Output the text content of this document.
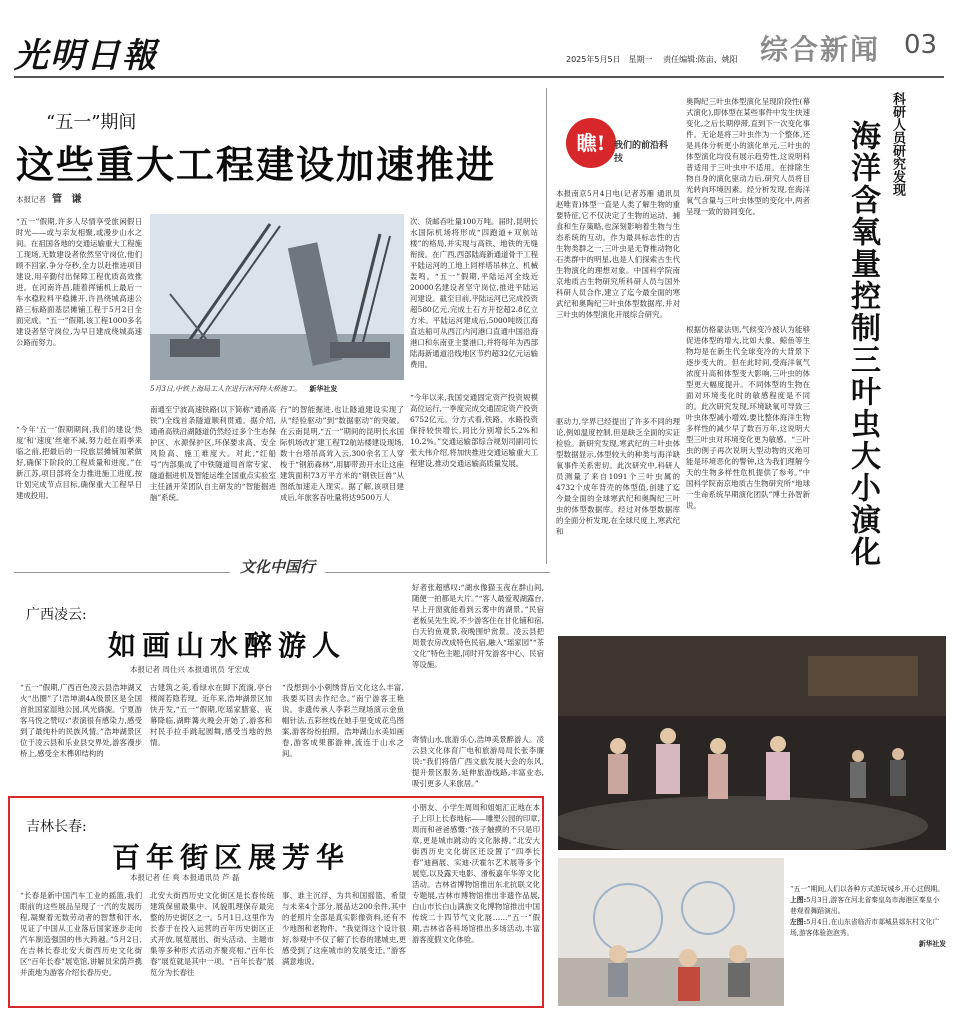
光明日報	2025年5月5日　星期一 责任编辑:陈亩、姚阳 综合新闻 03
“五一”期间
这些重大工程建设加速推进
本报记者 管 谦
“五一”假期,许多人尽情享受旅闲假日时光——或与亲友相聚,或漫步山水之间。在祖国各地的交通运输重大工程施工现场,无数建设者依然坚守岗位,他们顾不回家,争分夺秒,全力以赴推进项目建设,用辛勤付出保障工程优质高效推进。在河南许昌,随着挥铺机上最后一车水稳粒料平稳摊开,许昌绕城高速公路三标路面基层摊铺工程于5月2日全面完成。“五一”假期,该工程1000多名建设者坚守岗位,为早日建成绕城高速公路而努力。
“今年‘五一’假期期间,我们的建设‘热度’和‘速度’丝毫不减,努力赶在雨季来临之前,把最后的一段旅层摊铺加紧做好,确保下阶段的工程质量和进度。”在新江苏,项目部将全力推进施工进度,按计划完成节点目标,确保重大工程早日建成投用。
5月3日,中铁上海局工人在进行沐河特大桥施工。 新华社发
南通至宁波高速铁路(以下简称“通甬高铁”)全线首条隧道顺利贯通。据介绍,通甬高铁沿湖隧道仍然经过多个生态保护区、水源保护区,环保要求高、安全风险高、施工难度大。对此,“红船号”内部集成了中铁隧道局首席专家、隧道掘进机及智能运维全国重点实验室主任涵开荣团队自主研发的“智能掘进脑”系统。
行”的智能掘进,也让隧道建设实现了从“经验驱动”到“数据驱动”的突破。在云南昆明,“五一”期间的昆明长水国际机场改扩建工程T2航站楼建设现场,数十台塔吊高耸入云,300余名工人穿梭于“钢筋森林”,用脚带劲开水让这座建筑面积73万平方米的“钢铁巨兽”从图纸加速走入现实。据了解,该项目建成后,年旅客吞吐量将达9500万人
次、货邮吞吐量100万吨。届时,昆明长水国际机场将形成“四跑道+双航站楼”的格局,并实现与高铁、地铁的无缝衔接。在广西,西部陆海新通道骨干工程平陆运河的工地上同样塔吊林立、机械轰鸣。“五一”假期,平陆运河全线近20000名建设者坚守岗位,推进平陆运河建设。截至目前,平陆运河已完成投资超580亿元,完成土石方开挖超2.8亿立方米。平陆运河建成后,5000吨级江海直达船可从西江内河港口直通中国沿海港口和东南亚主要港口,并将每年为西部陆海新通道沿线地区节约超32亿元运输费用。
“今年以来,我国交通固定资产投资规模高位运行,一季度完成交通固定资产投资6752亿元。分方式看,铁路、水路投资保持较快增长,同比分别增长5.2%和10.2%。”交通运输部综合规划司副司长张大伟介绍,将加快推进交通运输重大工程建设,推动交通运输高质量发展。
瞧! 我们的前沿科技
本报南京5月4日电(记者苏雁 通讯员赵唯青)体型一直是人类了解生物的重要特征,它不仅决定了生物的运动、捕食和生存策略,也深刻影响着生物与生态系统的互动。作为最具标志性的古生物类群之一,三叶虫是无脊椎动物化石类群中的明星,也是人们探索古生代生物演化的理想对象。中国科学院南京地质古生物研究所科研人员与国外科研人员合作,建立了迄今最全面的寒武纪和奥陶纪三叶虫体型数据库,并对三叶虫的体型演化开展综合研究。
驱动力,学界已经提出了许多不同的理论,例如温度控制,但是缺乏全面的实证检验。新研究发现,寒武纪的三叶虫体型数据显示,体型较大的种类与海洋缺氧事件关系密切。此次研究中,科研人员测量了来自1091个三叶虫属的4732个成年背壳的体型值,创建了迄今最全面的全球寒武纪和奥陶纪三叶虫的体型数据库。经过对体型数据库的全面分析发现,在全球尺度上,寒武纪和
奥陶纪三叶虫体型演化呈现阶段性(幕式演化),即体型在某些事件中发生快速变化,之后长期停滞,直到下一次变化事件。无论是将三叶虫作为一个整体,还是具体分析更小的演化单元,三叶虫的体型演化均没有展示趋势性,这说明科普适用于三叶虫中不适用。在排除生物自身的演化驱动力后,研究人员将目光转向环境因素。经分析发现,在海洋氧气含量与三叶虫体型的变化中,两者呈现一致的协同变化。
根据仿格蒙法则,气候变冷被认为能够促进体型的增大,比如大象、鲸鱼等生物均是在新生代全球变冷的大背景下逐步变大的。但在此时间,受海洋氧气浓度升高和体型变大影响,三叶虫的体型更大幅度提升。不同体型的生物在面对环境变化时的敏感程度是不同的。此次研究发现,环境缺氧可导致三叶虫体型减小增效,要比整体海洋生物多样性的减少早了数百万年,这说明大型三叶虫对环境变化更为敏感。“三叶虫的例子再次说明大型动物的灭绝可能是环境恶化的警钟,这为我们理解今天的生物多样性危机提供了参考。”中国科学院南京地质古生物研究所“地球一生命系统早期演化团队”博士孙智新说。
科研人员研究发现
海洋含氧量控制三叶虫大小演化
文化中国行
广西凌云:
如画山水醉游人
本报记者 周仕兴 本报通讯员 牙宏成
“五一”假期,广西百色凌云县浩坤湖又火“出圈”了!浩坤湖4A级景区是全国首批国家湿地公园,风光旖旎。宁夏游客马悦之赞叹:“表演很有感染力,感受到了最纯朴的民族风情。”浩坤湖景区位于凌云县和乐业县交界处,游客漫步桥上,感受全木榫卯结构的
古建筑之美,看绿水在脚下流淌,亭台楼阁若隐若现。近年来,浩坤湖景区加快开发,“五一”假期,吃瑶家腊宴、夜幕降临,湖畔篝火晚会开始了,游客和村民手拉手跳起圆舞,感受当地的热情。
“没想到小小剌绣背后文化这么丰富,我要买回去作纪念。”南宁游客王艳说。非遗传承人李彩兰现场演示金鱼帽针法,五彩丝线在她手里变成花鸟图案,游客纷纷拍照。浩坤湖山水美如画卷,游客成果都游神,流连于山水之间。
好者张超感叹:“湖水像猫玉夜在群山间,随便一拍都是大片。”“客人最爱观湖露台,早上开窗就能看到云雾中的湖景。”民宿老板吴先生说,不少游客住在甘化铺和宿,白天钓鱼观景,夜晚围炉赏景。凌云县把周景农房改成特色民宿,融入“瑶家园”“茶文化”特色主题,同时开发游客中心、民宿等设施。
寄情山水,旅游乐心,浩坤美景醉游人。凌云县文化体育广电和旅游局局长张李廉说:“我们将借广西文旅发展大会的东风,提升景区服务,延伸旅游线路,丰富业态,吸引更多人来旅居。”
吉林长春:
百年街区展芳华
本报记者 任 爽 本报通讯员 芦 磊
“长春是新中国汽车工业的摇篮,我们眼前的这些展品呈现了一汽的发展历程,凝聚着无数劳动者的智慧和汗水,见证了中国从工业落后国家逐步走向汽车制造强国的伟大跨越。”5月2日,在吉林长春北安大街西历史文化街区“百年长春”展览馆,讲解员宋荫芦携并流地为游客介绍长春历史。
北安大街西历史文化街区是长春传统建筑保留最集中、风貌肌理保存最完整的历史街区之一。5月1日,这里作为长春于在投入运营的百年历史街区正式开放,展览展出、街头活动、主题市集等多种形式活动齐聚亮相,“百年长春”展览就是其中一项。“百年长春”展览分为长春往
事、谁主沉浮、为共和国摇篮、希望与未来4个部分,展品达200余件,其中的老照片全部是真实影像资料,还有不少地图和老物件。“我觉得这个设计很好,参观中不仅了解了长春的建城史,更感受到了这座城市的发展变迁。”游客满意地说。
小朋友、小学生周周和姐姐汇正地在本子上印上长春地标——雕塑公园的印章,周而和爸爸感慨:“孩子触摸的不只是印章,更是城市跳动的文化脉搏。”北安大街西历史文化街区还设置了“四季长春”迪画展、实迪·沃霍尔艺术展等多个展览,以及露天电影、滑板嘉年华等文化活动。吉林省博物馆推出东北抗联文化专题展,吉林市博物馆推出非遗作品展,白山市长白山满族文化博物馆推出中国传统二十四节气文化展……“五一”假期,吉林省各科场馆推出多场活动,丰富游客度假文化体验。
“五一”期间,人们以各种方式游玩城乡,开心过假期。
上图:5月3日,游客在河北省秦皇岛市海港区秦皇小巷观看舞蹈演出。
左图:5月4日,在山东省临沂市郯城县郯东村文化广场,游客体验泡泡秀。
新华社发
